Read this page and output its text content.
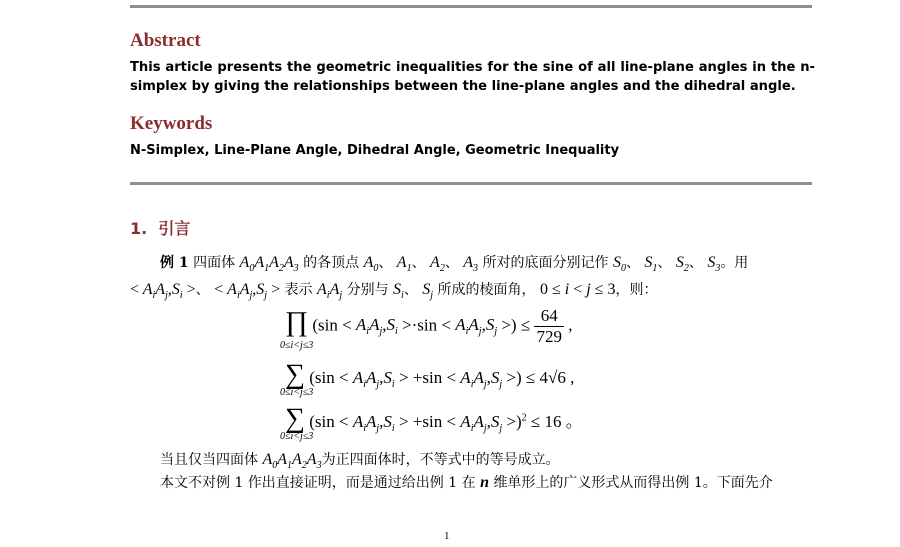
Abstract
This article presents the geometric inequalities for the sine of all line-plane angles in the n-simplex by giving the relationships between the line-plane angles and the dihedral angle.
Keywords
N-Simplex, Line-Plane Angle, Dihedral Angle, Geometric Inequality
1. 引言
例 1 四面体 $A_0A_1A_2A_3$ 的各顶点 $A_0$、 $A_1$、 $A_2$、 $A_3$ 所对的底面分别记作 $S_0$、 $S_1$、 $S_2$、 $S_3$。用
< $A_iA_j,S_i$ >、 < $A_iA_j,S_j$ > 表示 $A_iA_j$ 分别与 $S_i$、 $S_j$ 所成的棱面角， 0 ≤ i < j ≤ 3，则：
∏ ($\sin < A_iA_j,S_i >\cdot\sin < A_iA_j,S_j$ >) ≤ $\frac{64}{729}$ ,
0≤i<j≤3
∑ ($\sin < A_iA_j,S_i > +\sin < A_iA_j,S_j$ >) ≤ 4√6 ,
0≤i<j≤3
∑ $(\sin < A_iA_j,S_i > +\sin < A_iA_j,S_j >)^2 \le 16$ 。
0≤i<j≤3
当且仅当四面体 $A_0A_1A_2A_3$为正四面体时，不等式中的等号成立。
本文不对例 1 作出直接证明，而是通过给出例 1 在 n 维单形上的广义形式从而得出例 1。下面先介
1
